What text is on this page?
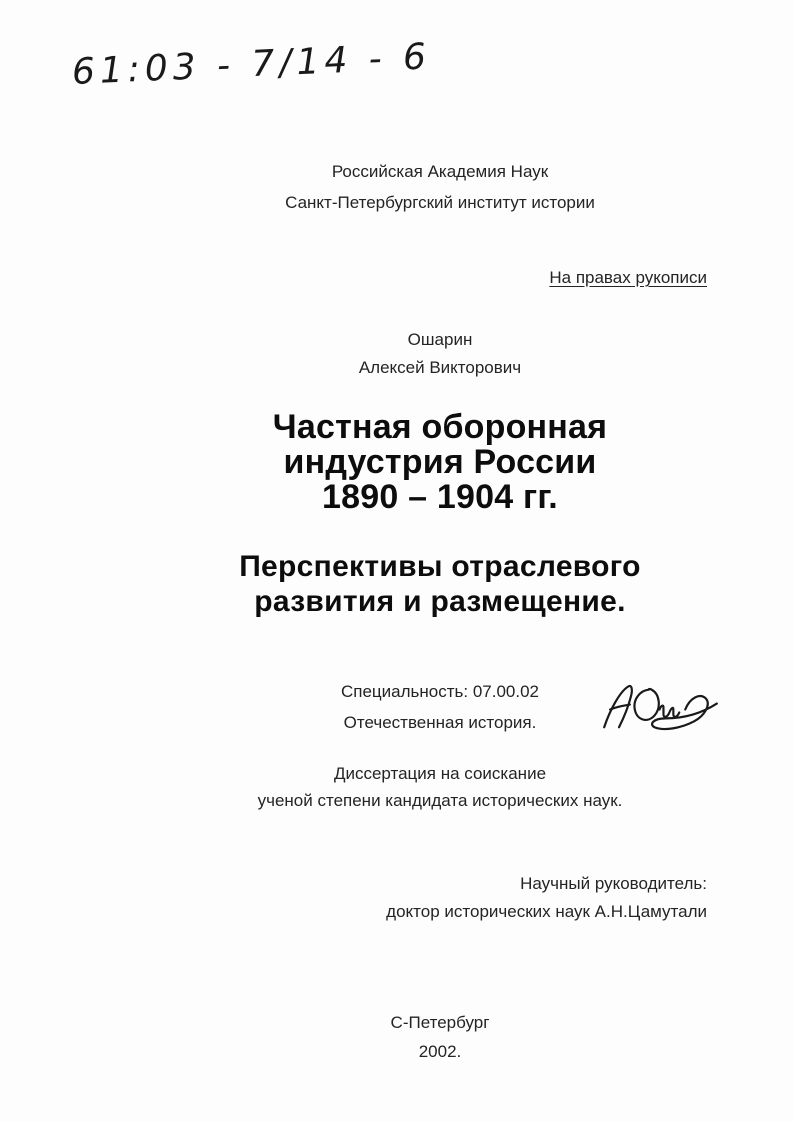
61:03 - 7/14 - 6
Российская Академия Наук
Санкт-Петербургский институт истории
На правах рукописи
Ошарин
Алексей Викторович
Частная оборонная
индустрия России
1890 – 1904 гг.
Перспективы отраслевого
развития и размещение.
Специальность: 07.00.02
Отечественная история.
Диссертация на соискание
ученой степени кандидата исторических наук.
Научный руководитель:
доктор исторических наук А.Н.Цамутали
С-Петербург
2002.
